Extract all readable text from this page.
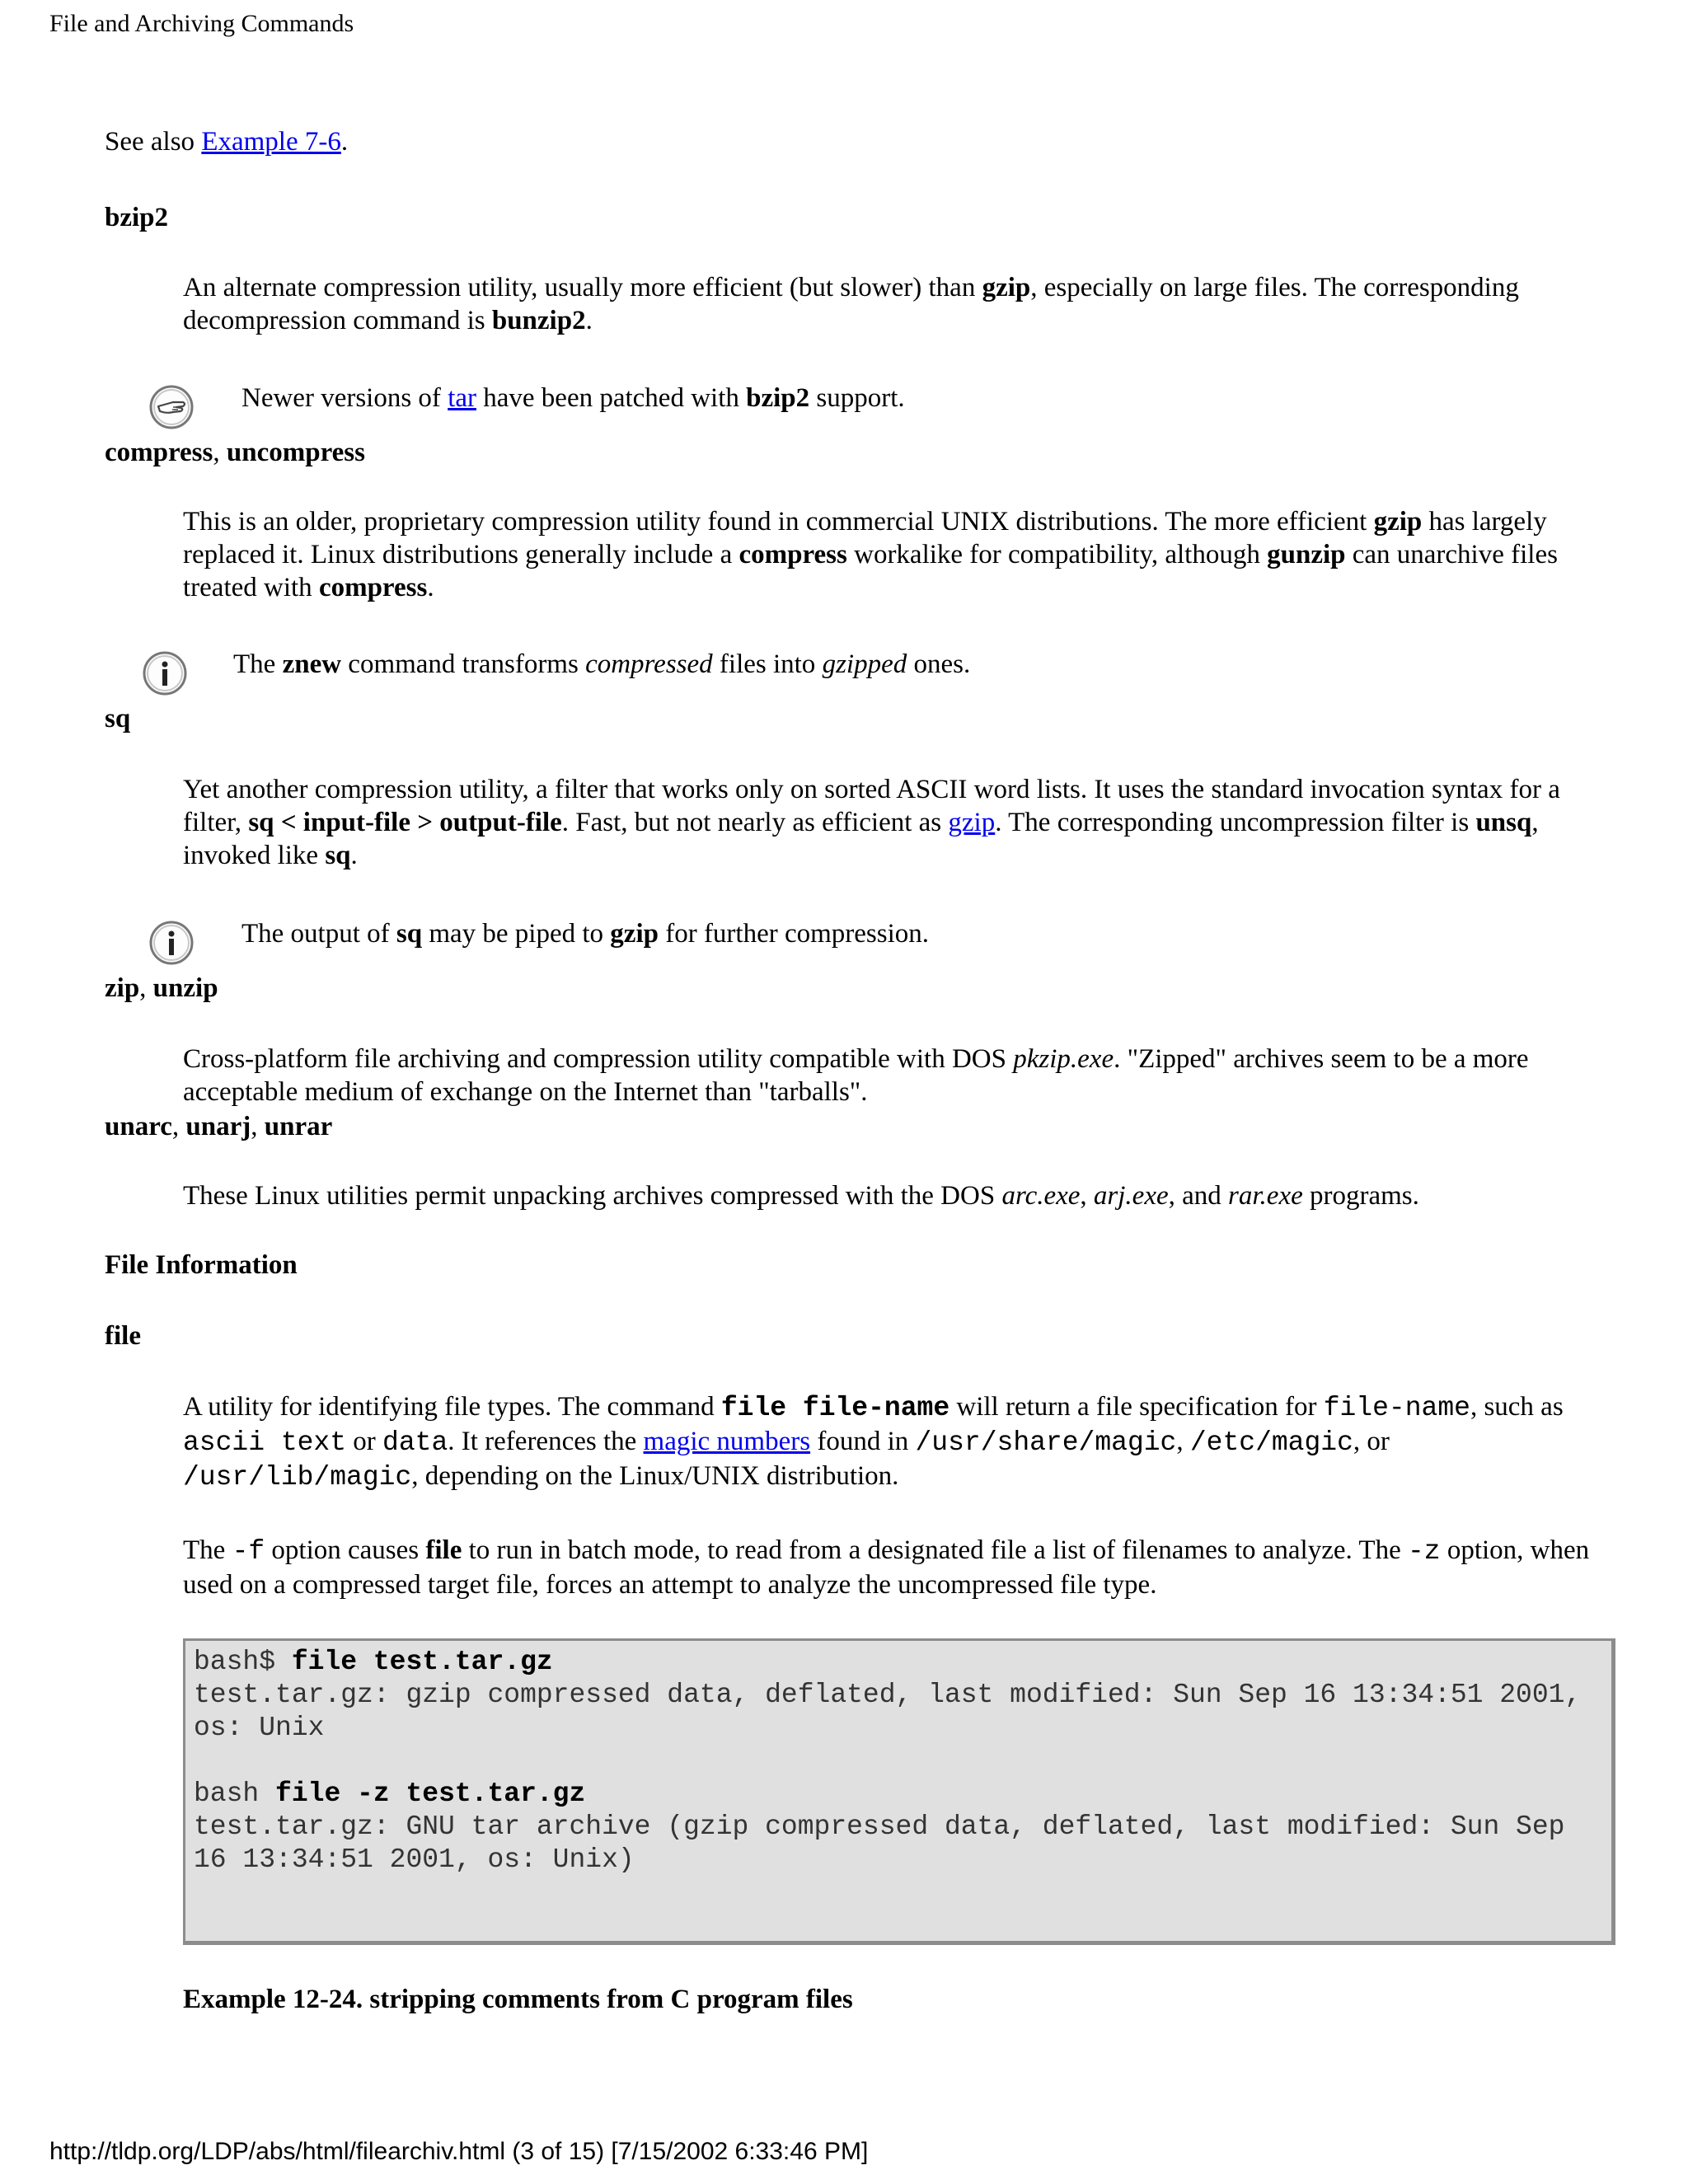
File and Archiving Commands
See also Example 7-6.
bzip2
An alternate compression utility, usually more efficient (but slower) than gzip, especially on large files. The corresponding decompression command is bunzip2.
Newer versions of tar have been patched with bzip2 support.
compress, uncompress
This is an older, proprietary compression utility found in commercial UNIX distributions. The more efficient gzip has largely replaced it. Linux distributions generally include a compress workalike for compatibility, although gunzip can unarchive files treated with compress.
The znew command transforms compressed files into gzipped ones.
sq
Yet another compression utility, a filter that works only on sorted ASCII word lists. It uses the standard invocation syntax for a filter, sq < input-file > output-file. Fast, but not nearly as efficient as gzip. The corresponding uncompression filter is unsq, invoked like sq.
The output of sq may be piped to gzip for further compression.
zip, unzip
Cross-platform file archiving and compression utility compatible with DOS pkzip.exe. "Zipped" archives seem to be a more acceptable medium of exchange on the Internet than "tarballs".
unarc, unarj, unrar
These Linux utilities permit unpacking archives compressed with the DOS arc.exe, arj.exe, and rar.exe programs.
File Information
file
A utility for identifying file types. The command file file-name will return a file specification for file-name, such as ascii text or data. It references the magic numbers found in /usr/share/magic, /etc/magic, or /usr/lib/magic, depending on the Linux/UNIX distribution.
The -f option causes file to run in batch mode, to read from a designated file a list of filenames to analyze. The -z option, when used on a compressed target file, forces an attempt to analyze the uncompressed file type.
bash$ file test.tar.gz
test.tar.gz: gzip compressed data, deflated, last modified: Sun Sep 16 13:34:51 2001,
os: Unix

bash file -z test.tar.gz
test.tar.gz: GNU tar archive (gzip compressed data, deflated, last modified: Sun Sep
16 13:34:51 2001, os: Unix)
Example 12-24. stripping comments from C program files
http://tldp.org/LDP/abs/html/filearchiv.html (3 of 15) [7/15/2002 6:33:46 PM]
